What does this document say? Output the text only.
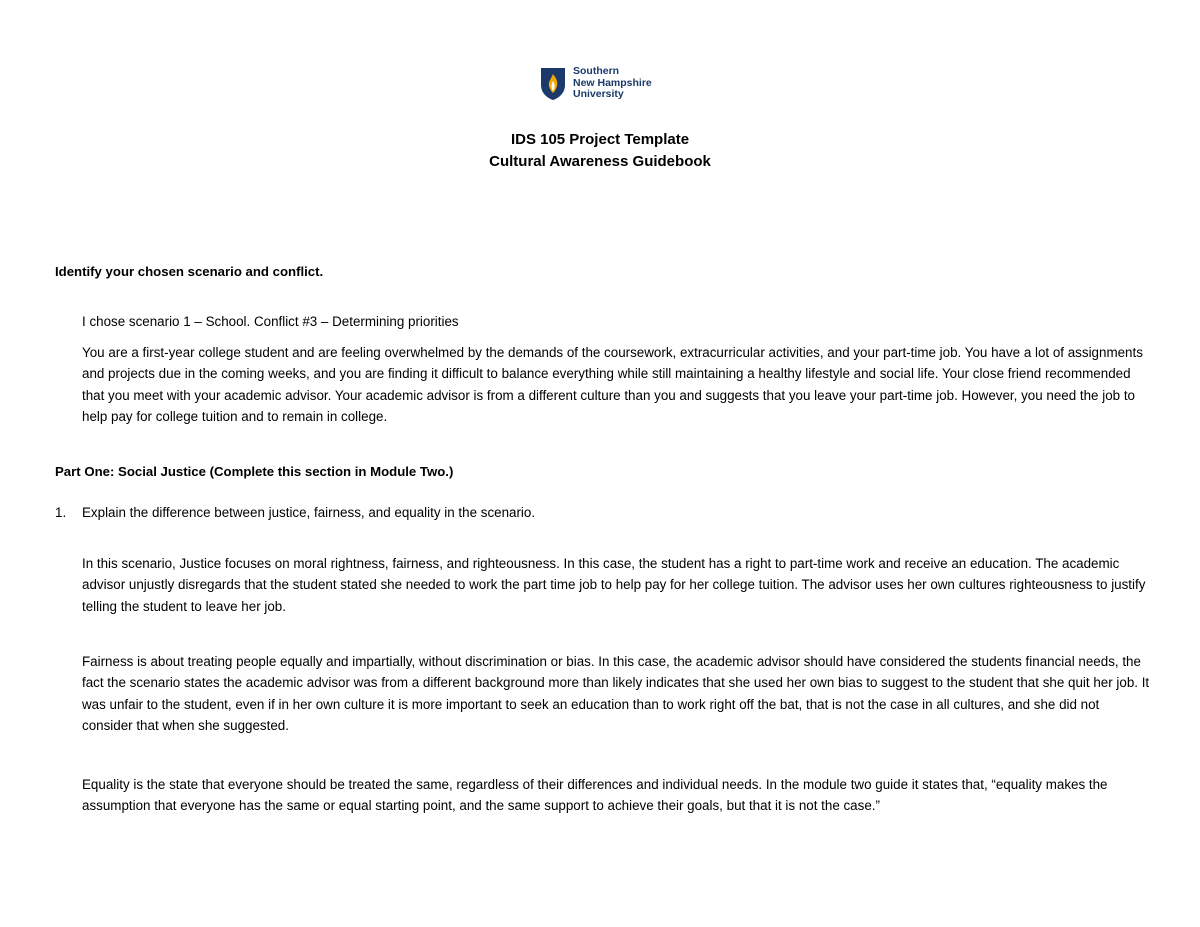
Southern
New Hampshire
University
IDS 105 Project Template
Cultural Awareness Guidebook
Identify your chosen scenario and conflict.
I chose scenario 1 – School. Conflict #3 – Determining priorities
You are a first-year college student and are feeling overwhelmed by the demands of the coursework, extracurricular activities, and your part-time job. You have a lot of assignments and projects due in the coming weeks, and you are finding it difficult to balance everything while still maintaining a healthy lifestyle and social life. Your close friend recommended that you meet with your academic advisor. Your academic advisor is from a different culture than you and suggests that you leave your part-time job. However, you need the job to help pay for college tuition and to remain in college.
Part One: Social Justice (Complete this section in Module Two.)
1. Explain the difference between justice, fairness, and equality in the scenario.
In this scenario, Justice focuses on moral rightness, fairness, and righteousness. In this case, the student has a right to part-time work and receive an education. The academic advisor unjustly disregards that the student stated she needed to work the part time job to help pay for her college tuition. The advisor uses her own cultures righteousness to justify telling the student to leave her job.
Fairness is about treating people equally and impartially, without discrimination or bias. In this case, the academic advisor should have considered the students financial needs, the fact the scenario states the academic advisor was from a different background more than likely indicates that she used her own bias to suggest to the student that she quit her job. It was unfair to the student, even if in her own culture it is more important to seek an education than to work right off the bat, that is not the case in all cultures, and she did not consider that when she suggested.
Equality is the state that everyone should be treated the same, regardless of their differences and individual needs. In the module two guide it states that, “equality makes the assumption that everyone has the same or equal starting point, and the same support to achieve their goals, but that it is not the case.”
